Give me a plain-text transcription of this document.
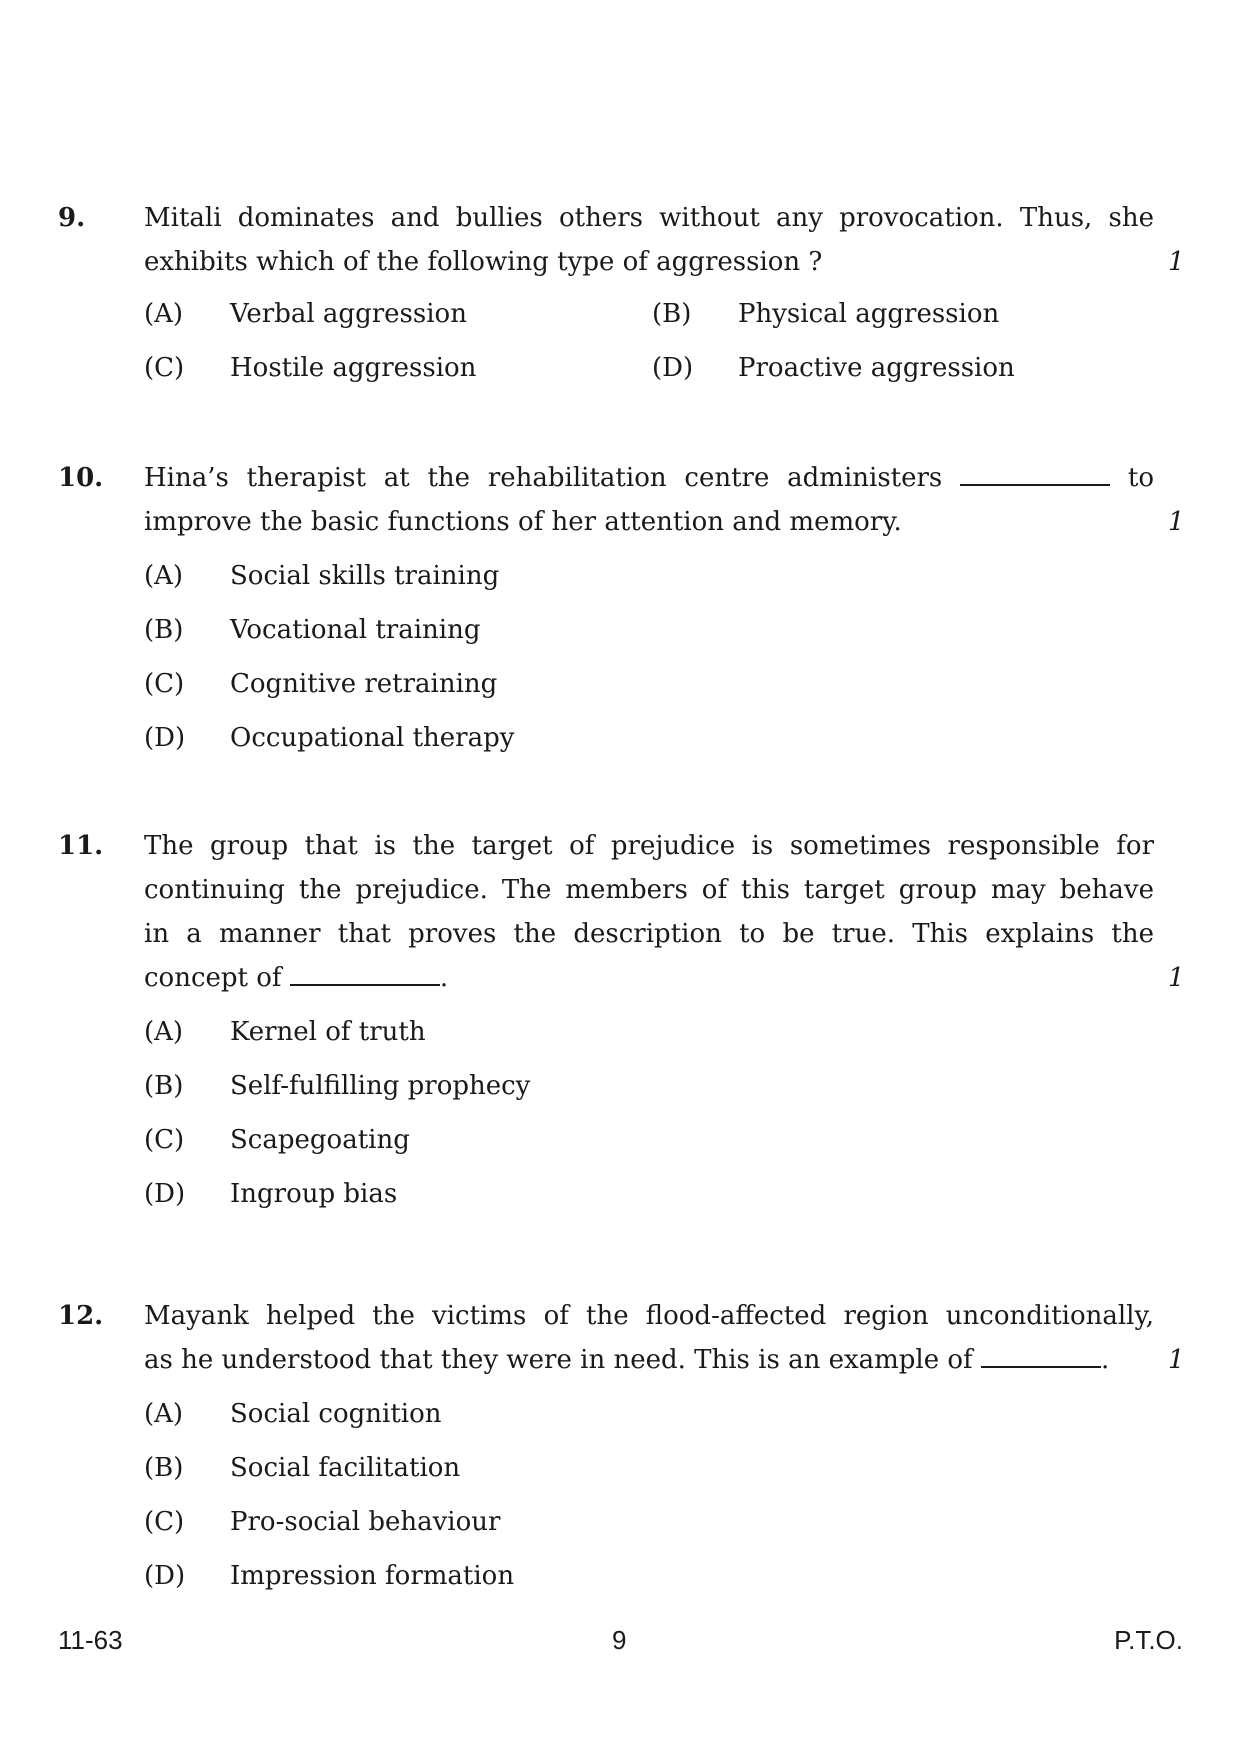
9. Mitali dominates and bullies others without any provocation. Thus, she
exhibits which of the following type of aggression ?	1
(A) Verbal aggression	(B) Physical aggression
(C) Hostile aggression	(D) Proactive aggression
10. Hina’s therapist at the rehabilitation centre administers	to
improve the basic functions of her attention and memory.	1
(A) Social skills training
(B) Vocational training
(C) Cognitive retraining
(D) Occupational therapy
11. The group that is the target of prejudice is sometimes responsible for
continuing the prejudice. The members of this target group may behave
in a manner that proves the description to be true. This explains the
concept of	.	1
(A) Kernel of truth
(B) Self-fulfilling prophecy
(C) Scapegoating
(D) Ingroup bias
12. Mayank helped the victims of the flood-affected region unconditionally,
as he understood that they were in need. This is an example of	.	1
(A) Social cognition
(B) Social facilitation
(C) Pro-social behaviour
(D) Impression formation
11-63	9	P.T.O.
